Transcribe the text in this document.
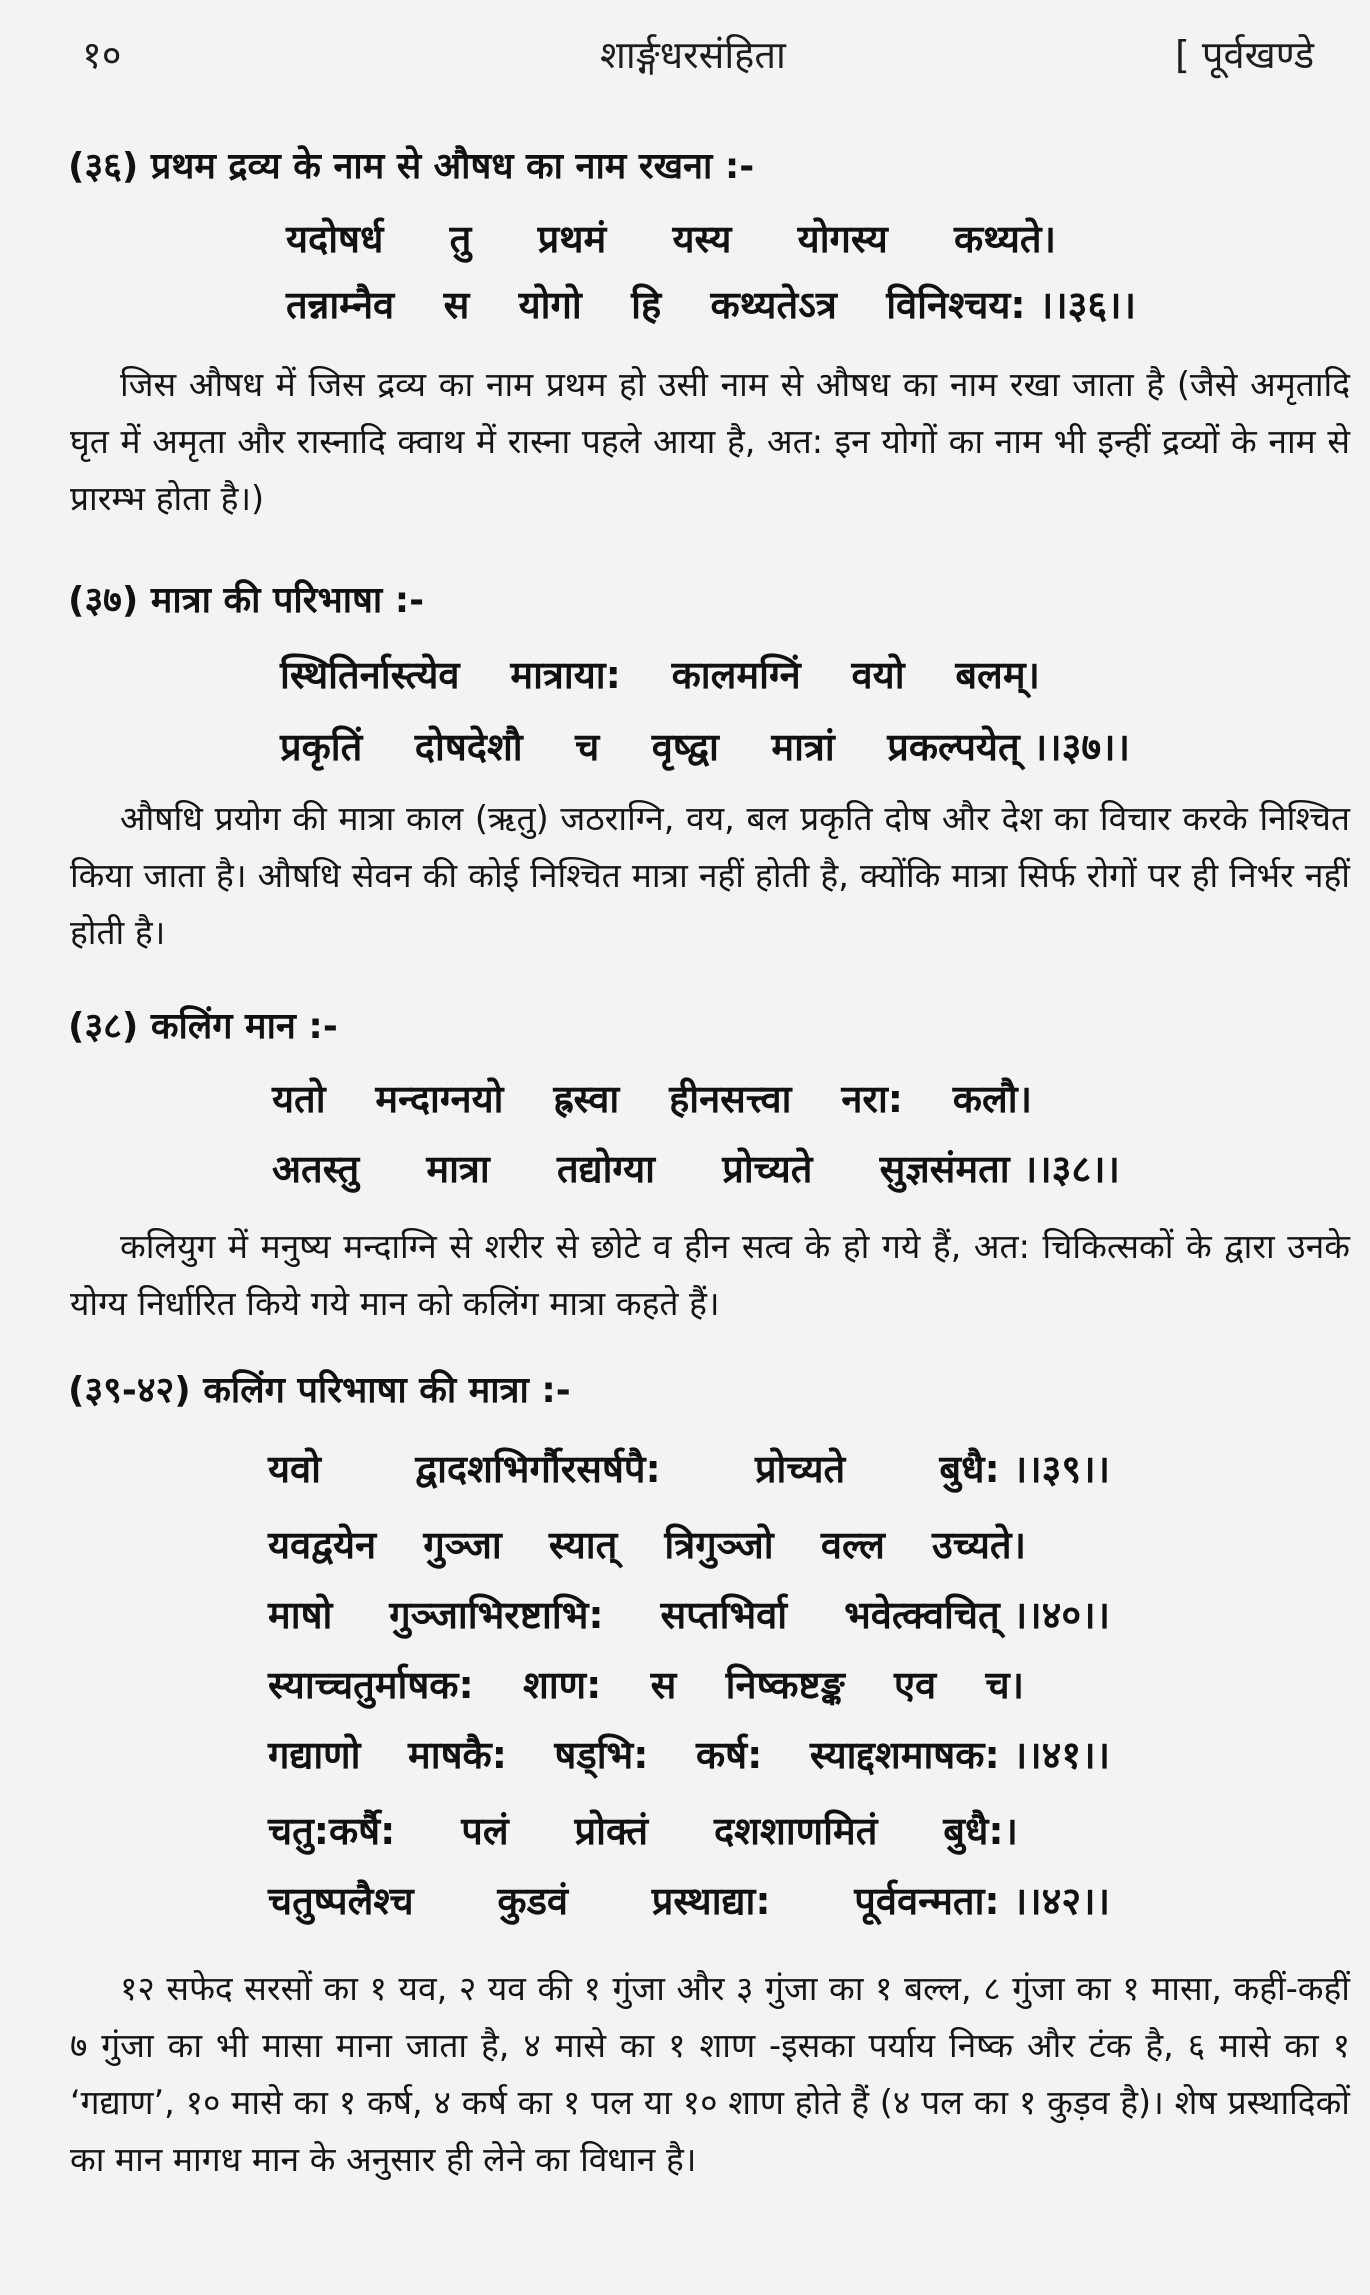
१०	शार्ङ्गधरसंहिता	[ पूर्वखण्डे
(३६) प्रथम द्रव्य के नाम से औषध का नाम रखना :-
यदोषर्ध तु प्रथमं यस्य योगस्य कथ्यते।
तन्नाम्नैव स योगो हि कथ्यतेऽत्र विनिश्चय: ।।३६।।
जिस औषध में जिस द्रव्य का नाम प्रथम हो उसी नाम से औषध का नाम रखा जाता है (जैसे अमृतादि घृत में अमृता और रास्नादि क्वाथ में रास्ना पहले आया है, अत: इन योगों का नाम भी इन्हीं द्रव्यों के नाम से प्रारम्भ होता है।)
(३७) मात्रा की परिभाषा :-
स्थितिर्नास्त्येव मात्राया: कालमग्निं वयो बलम्।
प्रकृतिं दोषदेशौ च वृष्द्वा मात्रां प्रकल्पयेत् ।।३७।।
औषधि प्रयोग की मात्रा काल (ऋतु) जठराग्नि, वय, बल प्रकृति दोष और देश का विचार करके निश्चित किया जाता है। औषधि सेवन की कोई निश्चित मात्रा नहीं होती है, क्योंकि मात्रा सिर्फ रोगों पर ही निर्भर नहीं होती है।
(३८) कलिंग मान :-
यतो मन्दाग्नयो ह्रस्वा हीनसत्त्वा नरा: कलौ।
अतस्तु मात्रा तद्योग्या प्रोच्यते सुज्ञसंमता ।।३८।।
कलियुग में मनुष्य मन्दाग्नि से शरीर से छोटे व हीन सत्व के हो गये हैं, अत: चिकित्सकों के द्वारा उनके योग्य निर्धारित किये गये मान को कलिंग मात्रा कहते हैं।
(३९-४२) कलिंग परिभाषा की मात्रा :-
यवो द्वादशभिर्गौरसर्षपै: प्रोच्यते बुधै: ।।३९।।
यवद्वयेन गुञ्जा स्यात् त्रिगुञ्जो वल्ल उच्यते।
माषो गुञ्जाभिरष्टाभि: सप्तभिर्वा भवेत्क्वचित् ।।४०।।
स्याच्चतुर्माषक: शाण: स निष्कष्टङ्क एव च।
गद्याणो माषकै: षड्भि: कर्ष: स्याद्दशमाषक: ।।४१।।
चतु:कर्षै: पलं प्रोक्तं दशशाणमितं बुधै:।
चतुष्पलैश्च कुडवं प्रस्थाद्या: पूर्ववन्मता: ।।४२।।
१२ सफेद सरसों का १ यव, २ यव की १ गुंजा और ३ गुंजा का १ बल्ल, ८ गुंजा का १ मासा, कहीं-कहीं ७ गुंजा का भी मासा माना जाता है, ४ मासे का १ शाण -इसका पर्याय निष्क और टंक है, ६ मासे का १ ‘गद्याण’, १० मासे का १ कर्ष, ४ कर्ष का १ पल या १० शाण होते हैं (४ पल का १ कुड़व है)। शेष प्रस्थादिकों का मान मागध मान के अनुसार ही लेने का विधान है।
